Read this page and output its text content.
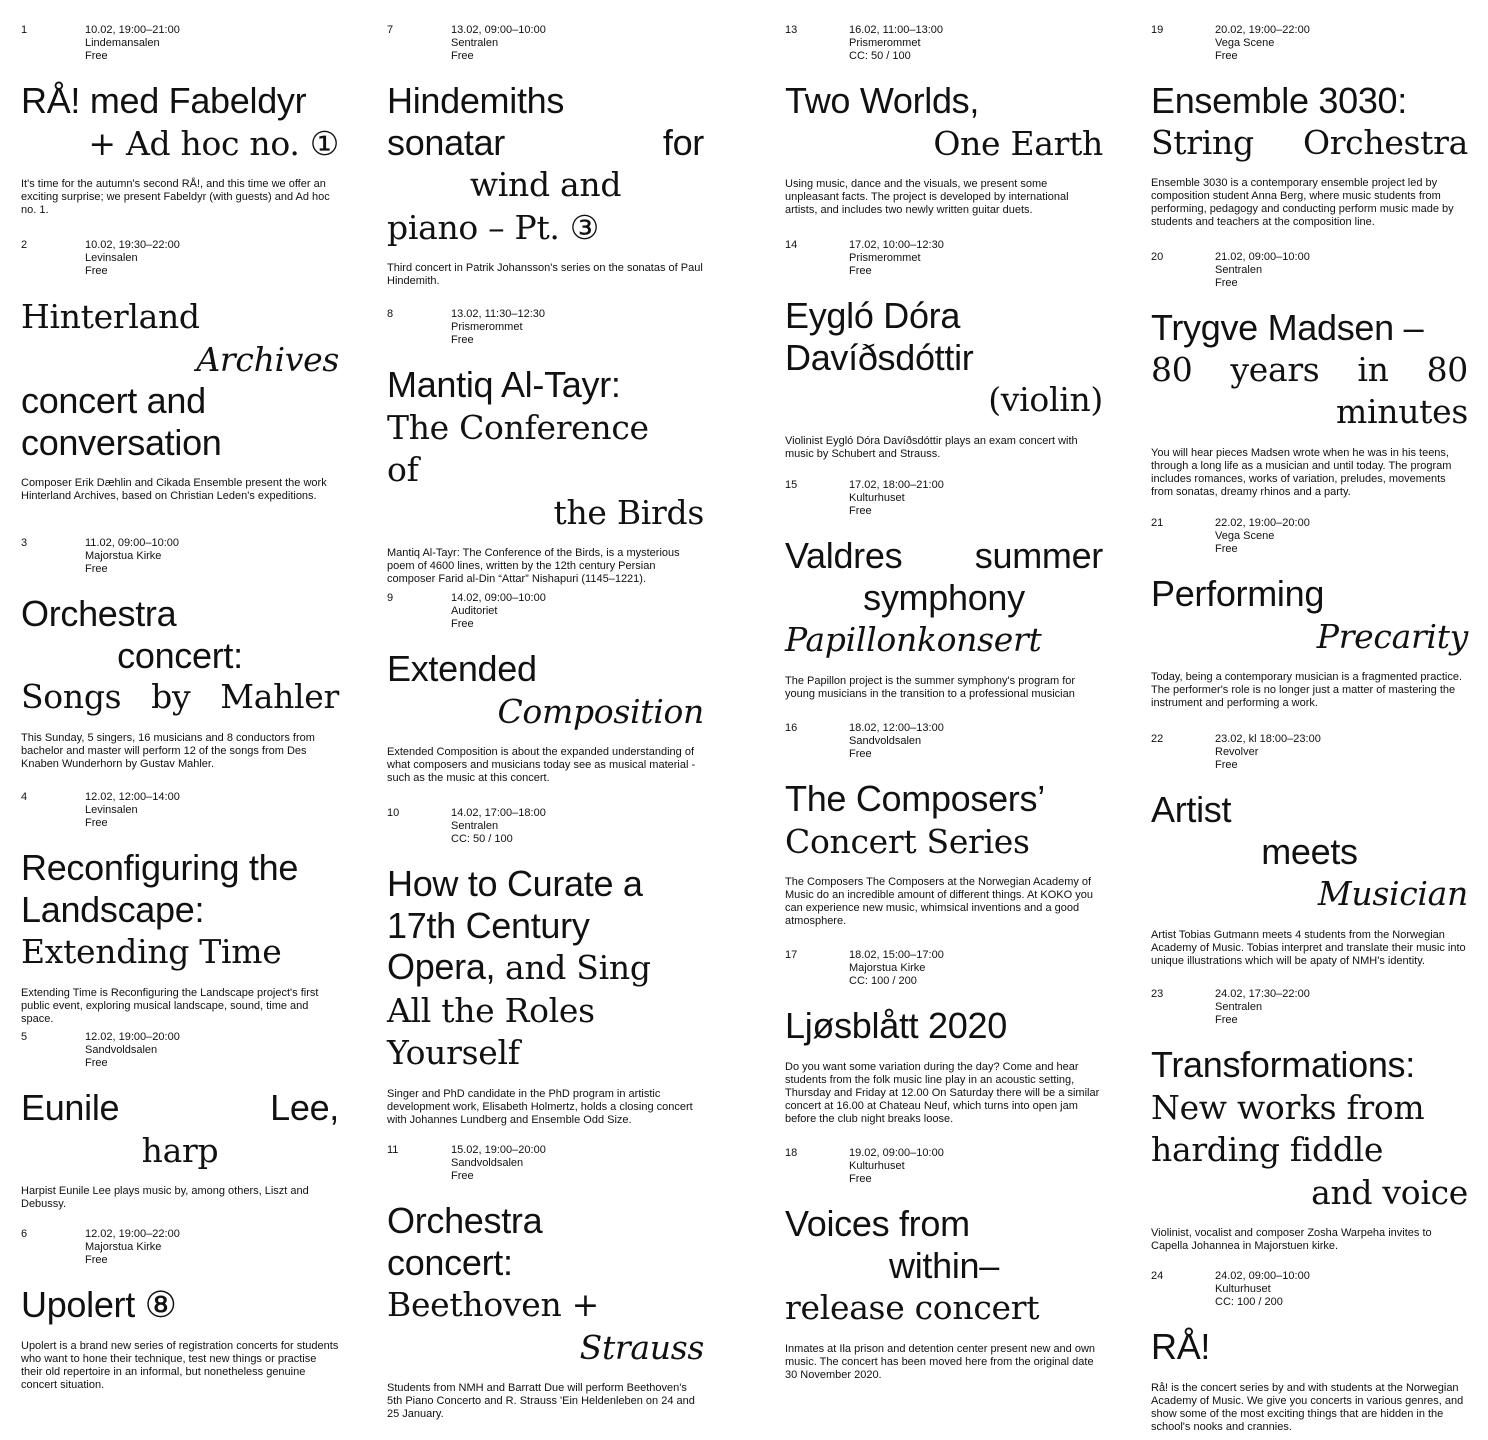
1	10.02, 19:00–21:00
Lindemansalen
Free
RÅ! med Fabeldyr
+ Ad hoc no. ①
It's time for the autumn's second RÅ!, and this time we offer an exciting surprise; we present Fabeldyr (with guests) and Ad hoc no. 1.
2	10.02, 19:30–22:00
Levinsalen
Free
Hinterland
Archives
concert and
conversation
Composer Erik Dæhlin and Cikada Ensemble present the work Hinterland Archives, based on Christian Leden's expeditions.
3	11.02, 09:00–10:00
Majorstua Kirke
Free
Orchestra
concert:
Songs by Mahler
This Sunday, 5 singers, 16 musicians and 8 conductors from bachelor and master will perform 12 of the songs from Des Knaben Wunderhorn by Gustav Mahler.
4	12.02, 12:00–14:00
Levinsalen
Free
Reconfiguring the
Landscape:
Extending Time
Extending Time is Reconfiguring the Landscape project's first public event, exploring musical landscape, sound, time and space.
5	12.02, 19:00–20:00
Sandvoldsalen
Free
Eunile	Lee,
harp
Harpist Eunile Lee plays music by, among others, Liszt and Debussy.
6	12.02, 19:00–22:00
Majorstua Kirke
Free
Upolert ⑧
Upolert is a brand new series of registration concerts for students who want to hone their technique, test new things or practise their old repertoire in an informal, but nonetheless genuine concert situation.
7	13.02, 09:00–10:00
Sentralen
Free
Hindemiths
sonatar	for
wind and
piano – Pt. ③
Third concert in Patrik Johansson's series on the sonatas of Paul Hindemith.
8	13.02, 11:30–12:30
Prismerommet
Free
Mantiq Al-Tayr:
The Conference
of
the Birds
Mantiq Al-Tayr: The Conference of the Birds, is a mysterious poem of 4600 lines, written by the 12th century Persian composer Farid al-Din “Attar” Nishapuri (1145–1221).
9	14.02, 09:00–10:00
Auditoriet
Free
Extended
Composition
Extended Composition is about the expanded understanding of what composers and musicians today see as musical material - such as the music at this concert.
10	14.02, 17:00–18:00
Sentralen
CC: 50 / 100
How to Curate a
17th Century
Opera, and Sing
All the Roles
Yourself
Singer and PhD candidate in the PhD program in artistic development work, Elisabeth Holmertz, holds a closing concert with Johannes Lundberg and Ensemble Odd Size.
11	15.02, 19:00–20:00
Sandvoldsalen
Free
Orchestra
concert:
Beethoven +
Strauss
Students from NMH and Barratt Due will perform Beethoven's 5th Piano Concerto and R. Strauss 'Ein Heldenleben on 24 and 25 January.
13	16.02, 11:00–13:00
Prismerommet
CC: 50 / 100
Two Worlds,
One Earth
Using music, dance and the visuals, we present some unpleasant facts. The project is developed by international artists, and includes two newly written guitar duets.
14	17.02, 10:00–12:30
Prismerommet
Free
Eygló Dóra
Davíðsdóttir
(violin)
Violinist Eygló Dóra Davíðsdóttir plays an exam concert with music by Schubert and Strauss.
15	17.02, 18:00–21:00
Kulturhuset
Free
Valdres summer
symphony
Papillonkonsert
The Papillon project is the summer symphony's program for young musicians in the transition to a professional musician
16	18.02, 12:00–13:00
Sandvoldsalen
Free
The Composers’
Concert Series
The Composers The Composers at the Norwegian Academy of Music do an incredible amount of different things. At KOKO you can experience new music, whimsical inventions and a good atmosphere.
17	18.02, 15:00–17:00
Majorstua Kirke
CC: 100 / 200
Ljøsblått 2020
Do you want some variation during the day? Come and hear students from the folk music line play in an acoustic setting, Thursday and Friday at 12.00 On Saturday there will be a similar concert at 16.00 at Chateau Neuf, which turns into open jam before the club night breaks loose.
18	19.02, 09:00–10:00
Kulturhuset
Free
Voices from
within–
release concert
Inmates at Ila prison and detention center present new and own music. The concert has been moved here from the original date 30 November 2020.
19	20.02, 19:00–22:00
Vega Scene
Free
Ensemble 3030:
String Orchestra
Ensemble 3030 is a contemporary ensemble project led by composition student Anna Berg, where music students from performing, pedagogy and conducting perform music made by students and teachers at the composition line.
20	21.02, 09:00–10:00
Sentralen
Free
Trygve Madsen –
80 years in 80
minutes
You will hear pieces Madsen wrote when he was in his teens, through a long life as a musician and until today. The program includes romances, works of variation, preludes, movements from sonatas, dreamy rhinos and a party.
21	22.02, 19:00–20:00
Vega Scene
Free
Performing
Precarity
Today, being a contemporary musician is a fragmented practice. The performer's role is no longer just a matter of mastering the instrument and performing a work.
22	23.02, kl 18:00–23:00
Revolver
Free
Artist
meets
Musician
Artist Tobias Gutmann meets 4 students from the Norwegian Academy of Music. Tobias interpret and translate their music into unique illustrations which will be apaty of NMH's identity.
23	24.02, 17:30–22:00
Sentralen
Free
Transformations:
New works from
harding fiddle
and voice
Violinist, vocalist and composer Zosha Warpeha invites to Capella Johannea in Majorstuen kirke.
24	24.02, 09:00–10:00
Kulturhuset
CC: 100 / 200
RÅ!
Rå! is the concert series by and with students at the Norwegian Academy of Music. We give you concerts in various genres, and show some of the most exciting things that are hidden in the school's nooks and crannies.
